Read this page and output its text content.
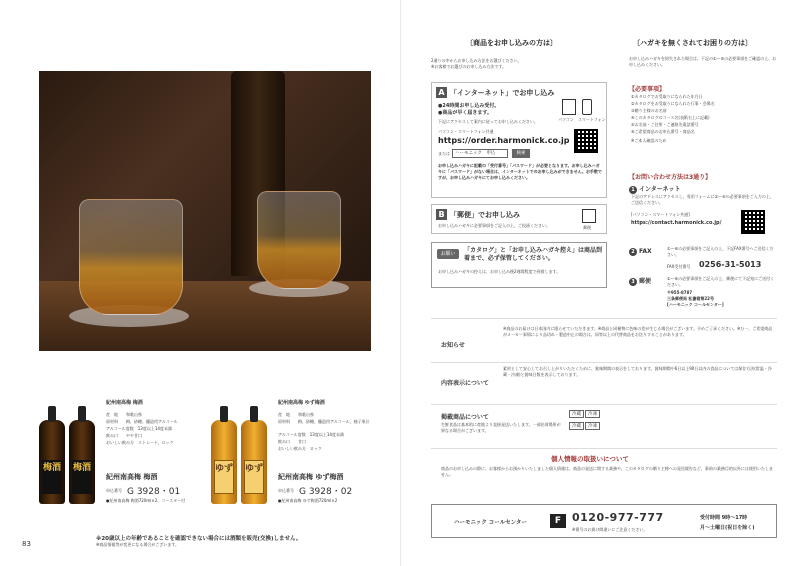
梅酒 梅酒
紀州南高梅 梅酒
産　地　　和歌山県
原材料　　梅、砂糖、醸造用アルコール
アルコール度数　13度以上14度未満
飲み口　　やや甘口
おいしい飲み方　ストレート、ロック
紀州南高梅 梅酒
申込番号 G 3928・01
●紀州南高梅 梅酒720ml×2、コースター付
ゆず ゆず
紀州南高梅 ゆず梅酒
産　地　　和歌山県
原材料　　梅、砂糖、醸造用アルコール、柚子果汁
アルコール度数　13度以上14度未満
飲み口　　甘口
おいしい飲み方　ロック
紀州南高梅 ゆず梅酒
申込番号 G 3928・02
●紀州南高梅 ゆず梅酒720ml×2
83
※20歳以上の年齢であることを確認できない場合には酒類を販売(交換)しません。
※商品情報等が変更になる場合がございます。
〔商品をお申し込みの方は〕
2通りの中からお申し込み方法をお選びください。
※お客様でお選びのお申し込み方法です。
A 「インターネット」でお申し込み
●24時間お申し込み受付。
●商品が早く届きます。
下記にアクセスして案内に従ってお申し込みください。	パソコン スマートフォン
パソコン・スマートフォン共通
https://order.harmonick.co.jp
または	ハーモニック　申込	検索
お申し込みハガキに記載の「受付番号」「パスワード」が必要となります。お申し込みハガキに「パスワード」がない場合は、インターネットでのお申し込みができません。お手数ですが、お申し込みハガキにてお申し込みください。
B 「郵便」でお申し込み
お申し込みハガキに必要事項をご記入の上、ご投函ください。	郵便
お願い	「カタログ」と「お申し込みハガキ控え」は商品到着まで、必ず保管してください。
お申し込みハガキの控えは、お申し込み後2週間程度で到着します。
〔ハガキを無くされてお困りの方は〕
お申し込みハガキを紛失された場合は、下記の①～⑤の必要事項をご確認の上、お申し込みください。
【必要事項】
①カタログでお受取りになられた年月日
②カタログをお受取りになられた行事・会場名
③贈り主様のお名前
④このカタログのコース名(表紙右上に記載)
⑤お名前・ご住所・ご連絡先電話番号
⑥ご希望商品のお申込番号・商品名
※ご本人確認のため
【お問い合わせ方法は3通り】
1 インターネット
下記のアドレスにアクセスし、専用フォームに①～⑥の必要事項をご入力の上、ご送信ください。
[パソコン・スマートフォン共通]
https://contact.harmonick.co.jp/
2 FAX	①～⑥の必要事項をご記入の上、下記FAX番号へご送信ください。
FAX受付番号 0256-31-5013
3 郵便	①～⑥の必要事項をご記入の上、郵便にて下記宛にご送付ください。
〒955-8787
三条郵便局 私書箱第22号
[ハーモニック コールセンター]
お知らせ
※商品のお届けは日本国内に限らせていただきます。※商品と同梱物に色味の差が生じる場合がございます。予めご了承ください。※万一、ご希望商品がメーカー事情により品切れ・製造中止の場合は、同等以上の代替商品をお送りすることがあります。
内容表示について
素材として安心してお召し上がりいただくために、賞味期間の表示をしております。賞味期間や6日以上90日以内の食品については保存方法(常温・冷蔵・冷凍)と賞味日数を表示しております。
掲載商品について
生鮮食品は基本的に産地より直接発送いたします。一部出荷場所が異なる場合がございます。
冷蔵	冷凍
冷蔵	冷凍
個人情報の取扱いについて
商品のお申し込みの際に、お客様からお預かりいたしました個人情報は、商品の発送に関する業務や、このカタログの贈り主様への発送報告など、事前の業務目的以外には使用いたしません。
ハーモニック コールセンター	F 0120-977-777
※番号のお掛け間違いにご注意ください。
受付時間 9時～17時
月～土曜日(祝日を除く)
